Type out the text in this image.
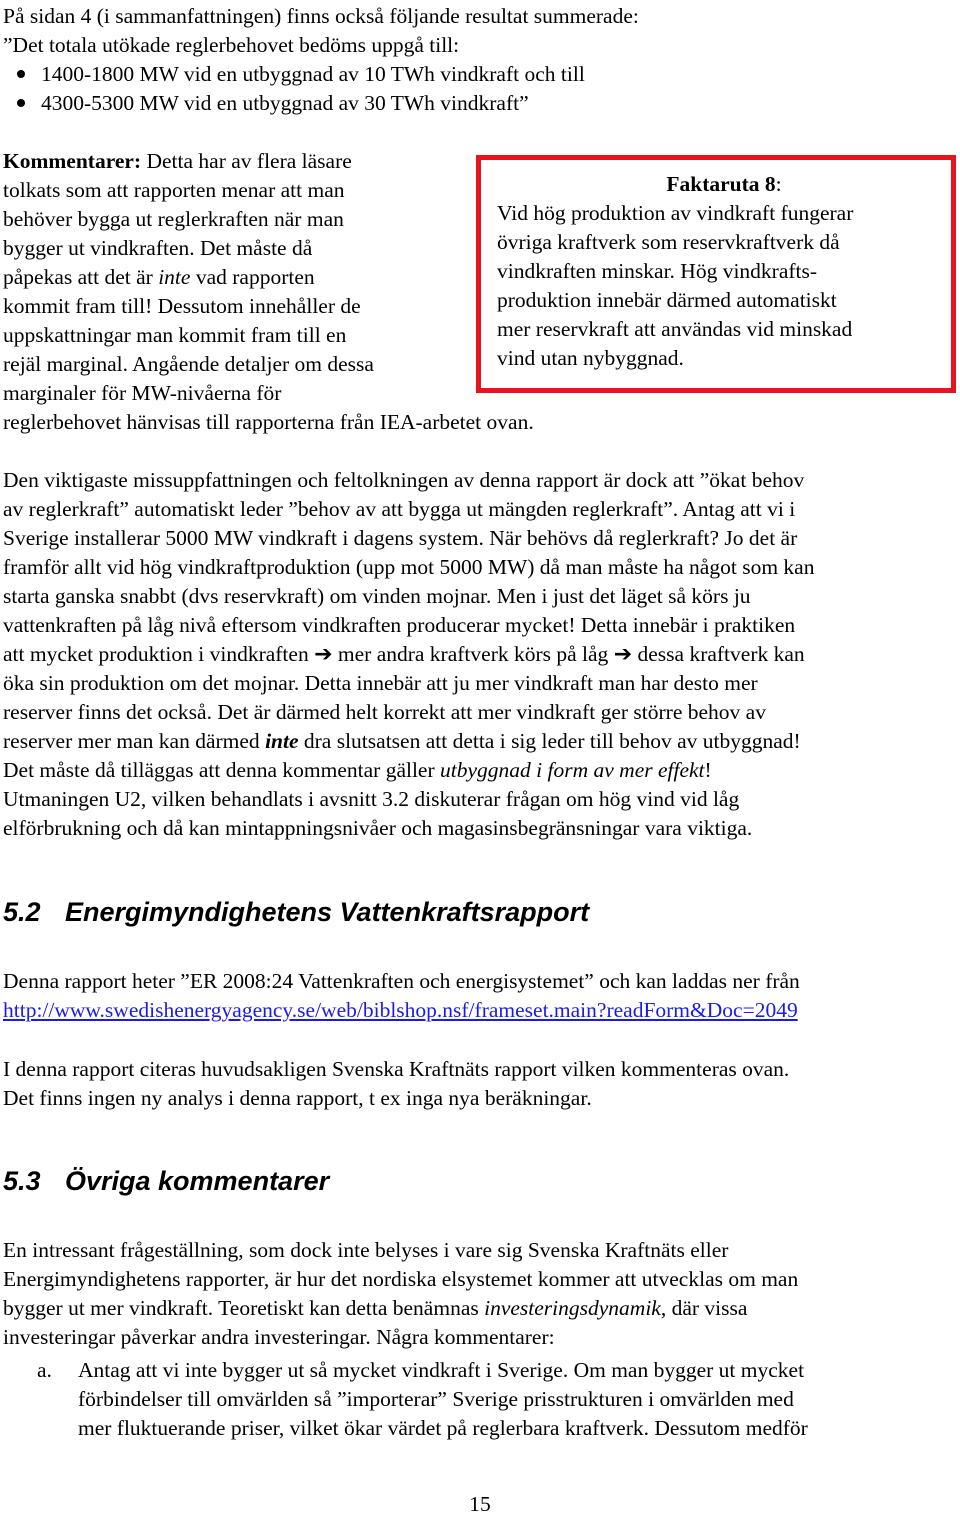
På sidan 4 (i sammanfattningen) finns också följande resultat summerade:
”Det totala utökade reglerbehovet bedöms uppgå till:
1400-1800 MW vid en utbyggnad av 10 TWh vindkraft och till
4300-5300 MW vid en utbyggnad av 30 TWh vindkraft”
Kommentarer: Detta har av flera läsare
tolkats som att rapporten menar att man
behöver bygga ut reglerkraften när man
bygger ut vindkraften. Det måste då
påpekas att det är inte vad rapporten
kommit fram till! Dessutom innehåller de
uppskattningar man kommit fram till en
rejäl marginal. Angående detaljer om dessa
marginaler för MW-nivåerna för
reglerbehovet hänvisas till rapporterna från IEA-arbetet ovan.
Faktaruta 8:
Vid hög produktion av vindkraft fungerar
övriga kraftverk som reservkraftverk då
vindkraften minskar. Hög vindkrafts-
produktion innebär därmed automatiskt
mer reservkraft att användas vid minskad
vind utan nybyggnad.
Den viktigaste missuppfattningen och feltolkningen av denna rapport är dock att ”ökat behov
av reglerkraft” automatiskt leder ”behov av att bygga ut mängden reglerkraft”. Antag att vi i
Sverige installerar 5000 MW vindkraft i dagens system. När behövs då reglerkraft? Jo det är
framför allt vid hög vindkraftproduktion (upp mot 5000 MW) då man måste ha något som kan
starta ganska snabbt (dvs reservkraft) om vinden mojnar. Men i just det läget så körs ju
vattenkraften på låg nivå eftersom vindkraften producerar mycket! Detta innebär i praktiken
att mycket produktion i vindkraften ➔ mer andra kraftverk körs på låg ➔ dessa kraftverk kan
öka sin produktion om det mojnar. Detta innebär att ju mer vindkraft man har desto mer
reserver finns det också. Det är därmed helt korrekt att mer vindkraft ger större behov av
reserver mer man kan därmed inte dra slutsatsen att detta i sig leder till behov av utbyggnad!
Det måste då tilläggas att denna kommentar gäller utbyggnad i form av mer effekt!
Utmaningen U2, vilken behandlats i avsnitt 3.2 diskuterar frågan om hög vind vid låg
elförbrukning och då kan mintappningsnivåer och magasinsbegränsningar vara viktiga.
5.2 Energimyndighetens Vattenkraftsrapport
Denna rapport heter ”ER 2008:24 Vattenkraften och energisystemet” och kan laddas ner från
http://www.swedishenergyagency.se/web/biblshop.nsf/frameset.main?readForm&Doc=2049
I denna rapport citeras huvudsakligen Svenska Kraftnäts rapport vilken kommenteras ovan.
Det finns ingen ny analys i denna rapport, t ex inga nya beräkningar.
5.3 Övriga kommentarer
En intressant frågeställning, som dock inte belyses i vare sig Svenska Kraftnäts eller
Energimyndighetens rapporter, är hur det nordiska elsystemet kommer att utvecklas om man
bygger ut mer vindkraft. Teoretiskt kan detta benämnas investeringsdynamik, där vissa
investeringar påverkar andra investeringar. Några kommentarer:
a. Antag att vi inte bygger ut så mycket vindkraft i Sverige. Om man bygger ut mycket
förbindelser till omvärlden så ”importerar” Sverige prisstrukturen i omvärlden med
mer fluktuerande priser, vilket ökar värdet på reglerbara kraftverk. Dessutom medför
15
